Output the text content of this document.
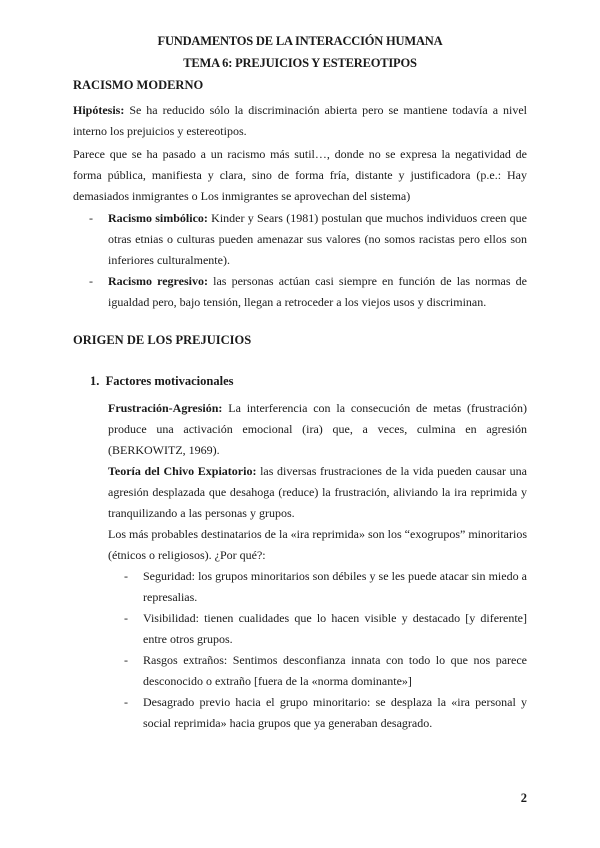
FUNDAMENTOS DE LA INTERACCIÓN HUMANA
TEMA 6: PREJUICIOS Y ESTEREOTIPOS
RACISMO MODERNO

Hipótesis: Se ha reducido sólo la discriminación abierta pero se mantiene todavía a nivel interno los prejuicios y estereotipos.

Parece que se ha pasado a un racismo más sutil…, donde no se expresa la negatividad de forma pública, manifiesta y clara, sino de forma fría, distante y justificadora (p.e.: Hay demasiados inmigrantes o Los inmigrantes se aprovechan del sistema)

- Racismo simbólico: Kinder y Sears (1981) postulan que muchos individuos creen que otras etnias o culturas pueden amenazar sus valores (no somos racistas pero ellos son inferiores culturalmente).

- Racismo regresivo: las personas actúan casi siempre en función de las normas de igualdad pero, bajo tensión, llegan a retroceder a los viejos usos y discriminan.

ORIGEN DE LOS PREJUICIOS
1.  Factores motivacionales

Frustración-Agresión: La interferencia con la consecución de metas (frustración) produce una activación emocional (ira) que, a veces, culmina en agresión (BERKOWITZ, 1969).

Teoría del Chivo Expiatorio: las diversas frustraciones de la vida pueden causar una agresión desplazada que desahoga (reduce) la frustración, aliviando la ira reprimida y tranquilizando a las personas y grupos.

Los más probables destinatarios de la «ira reprimida» son los “exogrupos” minoritarios (étnicos o religiosos). ¿Por qué?:

- Seguridad: los grupos minoritarios son débiles y se les puede atacar sin miedo a represalias.

- Visibilidad: tienen cualidades que lo hacen visible y destacado [y diferente] entre otros grupos.

- Rasgos extraños: Sentimos desconfianza innata con todo lo que nos parece desconocido o extraño [fuera de la «norma dominante»]

- Desagrado previo hacia el grupo minoritario: se desplaza la «ira personal y social reprimida» hacia grupos que ya generaban desagrado.

2
